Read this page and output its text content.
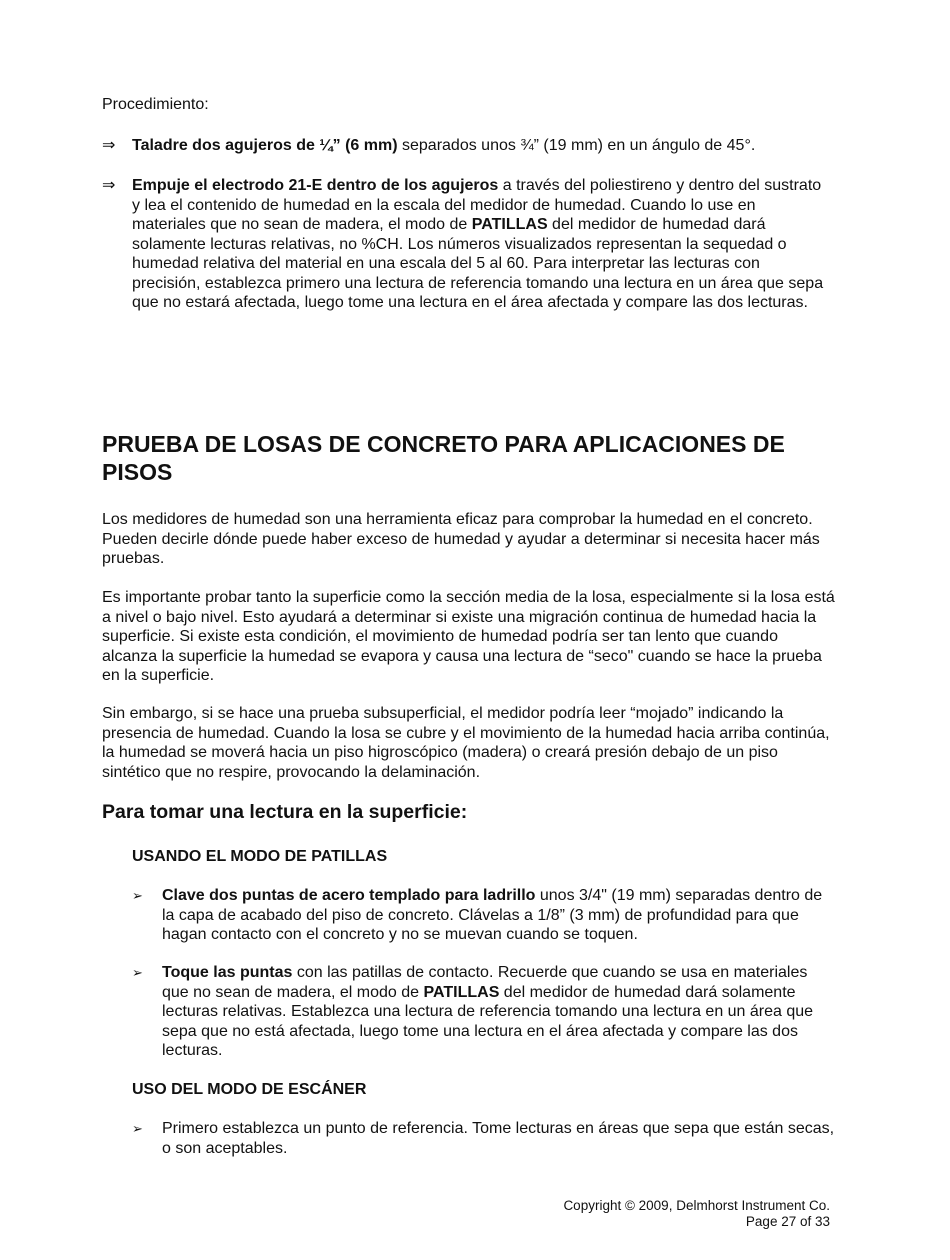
Procedimiento:

⇒	Taladre dos agujeros de ¼” (6 mm) separados unos ¾” (19 mm) en un ángulo de 45°.
⇒	Empuje el electrodo 21-E dentro de los agujeros a través del poliestireno y dentro del sustrato y lea el contenido de humedad en la escala del medidor de humedad. Cuando lo use en materiales que no sean de madera, el modo de PATILLAS del medidor de humedad dará solamente lecturas relativas, no %CH. Los números visualizados representan la sequedad o humedad relativa del material en una escala del 5 al 60. Para interpretar las lecturas con precisión, establezca primero una lectura de referencia tomando una lectura en un área que sepa que no estará afectada, luego tome una lectura en el área afectada y compare las dos lecturas.
PRUEBA DE LOSAS DE CONCRETO PARA APLICACIONES DE
PISOS

Los medidores de humedad son una herramienta eficaz para comprobar la humedad en el concreto. Pueden decirle dónde puede haber exceso de humedad y ayudar a determinar si necesita hacer más pruebas.

Es importante probar tanto la superficie como la sección media de la losa, especialmente si la losa está a nivel o bajo nivel. Esto ayudará a determinar si existe una migración continua de humedad hacia la superficie. Si existe esta condición, el movimiento de humedad podría ser tan lento que cuando alcanza la superficie la humedad se evapora y causa una lectura de “seco" cuando se hace la prueba en la superficie.

Sin embargo, si se hace una prueba subsuperficial, el medidor podría leer “mojado” indicando la presencia de humedad. Cuando la losa se cubre y el movimiento de la humedad hacia arriba continúa, la humedad se moverá hacia un piso higroscópico (madera) o creará presión debajo de un piso sintético que no respire, provocando la delaminación.

Para tomar una lectura en la superficie:
USANDO EL MODO DE PATILLAS
➢	Clave dos puntas de acero templado para ladrillo unos 3/4" (19 mm) separadas dentro de la capa de acabado del piso de concreto. Clávelas a 1/8” (3 mm) de profundidad para que hagan contacto con el concreto y no se muevan cuando se toquen.
➢	Toque las puntas con las patillas de contacto. Recuerde que cuando se usa en materiales que no sean de madera, el modo de PATILLAS del medidor de humedad dará solamente lecturas relativas. Establezca una lectura de referencia tomando una lectura en un área que sepa que no está afectada, luego tome una lectura en el área afectada y compare las dos lecturas.
USO DEL MODO DE ESCÁNER
➢	Primero establezca un punto de referencia. Tome lecturas en áreas que sepa que están secas, o son aceptables.
Copyright © 2009, Delmhorst Instrument Co.
Page 27 of 33
